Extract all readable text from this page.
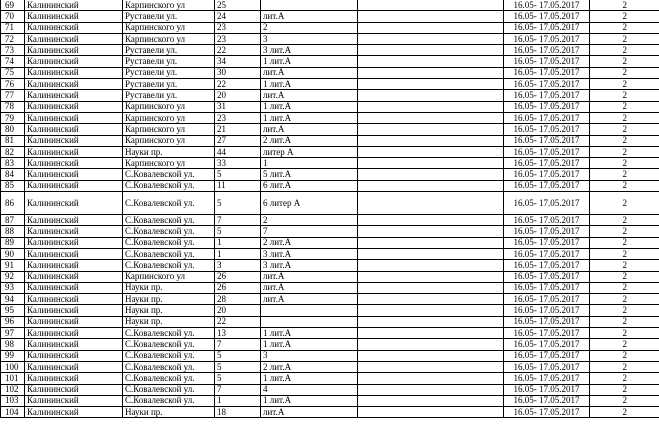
69	Калининский	Карпинского ул	25			16.05- 17.05.2017	2
70	Калининский	Руставели ул.	24	лит.А		16.05- 17.05.2017	2
71	Калининский	Карпинского ул	23	2		16.05- 17.05.2017	2
72	Калининский	Карпинского ул	23	3		16.05- 17.05.2017	2
73	Калининский	Руставели ул.	22	3 лит.А		16.05- 17.05.2017	2
74	Калининский	Руставели ул.	34	1 лит.А		16.05- 17.05.2017	2
75	Калининский	Руставели ул.	30	лит.А		16.05- 17.05.2017	2
76	Калининский	Руставели ул.	22	1 лит.А		16.05- 17.05.2017	2
77	Калининский	Руставели ул.	20	лит.А		16.05- 17.05.2017	2
78	Калининский	Карпинского ул	31	1 лит.А		16.05- 17.05.2017	2
79	Калининский	Карпинского ул	23	1 лит.А		16.05- 17.05.2017	2
80	Калининский	Карпинского ул	21	лит.А		16.05- 17.05.2017	2
81	Калининский	Карпинского ул	27	2 лит.А		16.05- 17.05.2017	2
82	Калининский	Науки пр.	44	литер А		16.05- 17.05.2017	2
83	Калининский	Карпинского ул	33	1		16.05- 17.05.2017	2
84	Калининский	С.Ковалевской ул.	5	5 лит.А		16.05- 17.05.2017	2
85	Калининский	С.Ковалевской ул.	11	6 лит.А		16.05- 17.05.2017	2
86	Калининский	С.Ковалевской ул.	5	6 литер А		16.05- 17.05.2017	2
87	Калининский	С.Ковалевской ул.	7	2		16.05- 17.05.2017	2
88	Калининский	С.Ковалевской ул.	5	7		16.05- 17.05.2017	2
89	Калининский	С.Ковалевской ул.	1	2 лит.А		16.05- 17.05.2017	2
90	Калининский	С.Ковалевской ул.	1	3 лит.А		16.05- 17.05.2017	2
91	Калининский	С.Ковалевской ул.	3	3 лит.А		16.05- 17.05.2017	2
92	Калининский	Карпинского ул	26	лит.А		16.05- 17.05.2017	2
93	Калининский	Науки пр.	26	лит.А		16.05- 17.05.2017	2
94	Калининский	Науки пр.	28	лит.А		16.05- 17.05.2017	2
95	Калининский	Науки пр.	20			16.05- 17.05.2017	2
96	Калининский	Науки пр.	22			16.05- 17.05.2017	2
97	Калининский	С.Ковалевской ул.	13	1 лит.А		16.05- 17.05.2017	2
98	Калининский	С.Ковалевской ул.	7	1 лит.А		16.05- 17.05.2017	2
99	Калининский	С.Ковалевской ул.	5	3		16.05- 17.05.2017	2
100	Калининский	С.Ковалевской ул.	5	2 лит.А		16.05- 17.05.2017	2
101	Калининский	С.Ковалевской ул.	5	1 лит.А		16.05- 17.05.2017	2
102	Калининский	С.Ковалевской ул.	7	4		16.05- 17.05.2017	2
103	Калининский	С.Ковалевской ул.	1	1 лит.А		16.05- 17.05.2017	2
104	Калининский	Науки пр.	18	лит.А		16.05- 17.05.2017	2
